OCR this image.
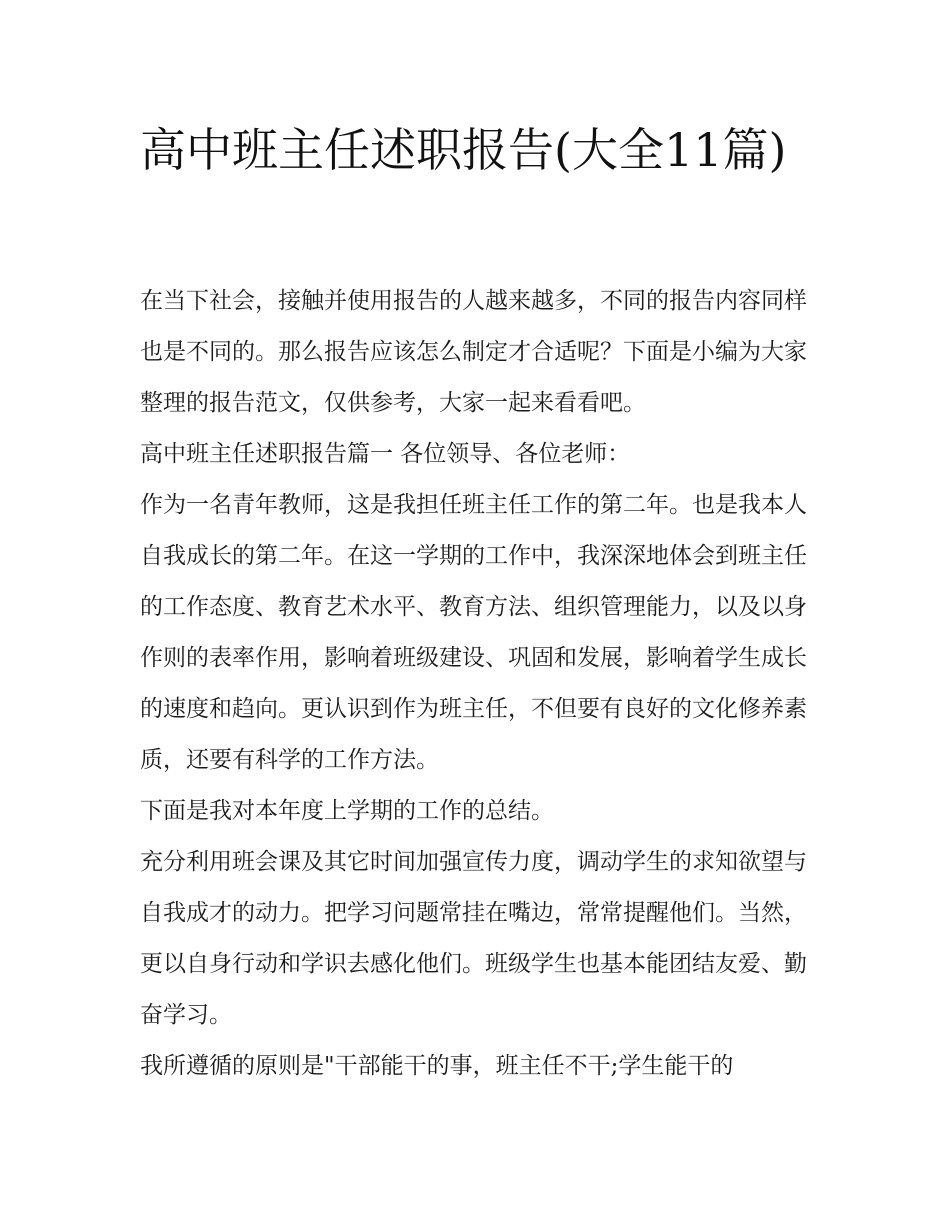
高中班主任述职报告(大全11篇)

在当下社会，接触并使用报告的人越来越多，不同的报告内容同样也是不同的。那么报告应该怎么制定才合适呢？下面是小编为大家整理的报告范文，仅供参考，大家一起来看看吧。

高中班主任述职报告篇一 各位领导、各位老师：

作为一名青年教师，这是我担任班主任工作的第二年。也是我本人自我成长的第二年。在这一学期的工作中，我深深地体会到班主任的工作态度、教育艺术水平、教育方法、组织管理能力，以及以身作则的表率作用，影响着班级建设、巩固和发展，影响着学生成长的速度和趋向。更认识到作为班主任，不但要有良好的文化修养素质，还要有科学的工作方法。

下面是我对本年度上学期的工作的总结。

充分利用班会课及其它时间加强宣传力度，调动学生的求知欲望与自我成才的动力。把学习问题常挂在嘴边，常常提醒他们。当然，更以自身行动和学识去感化他们。班级学生也基本能团结友爱、勤奋学习。

我所遵循的原则是"干部能干的事，班主任不干;学生能干的
